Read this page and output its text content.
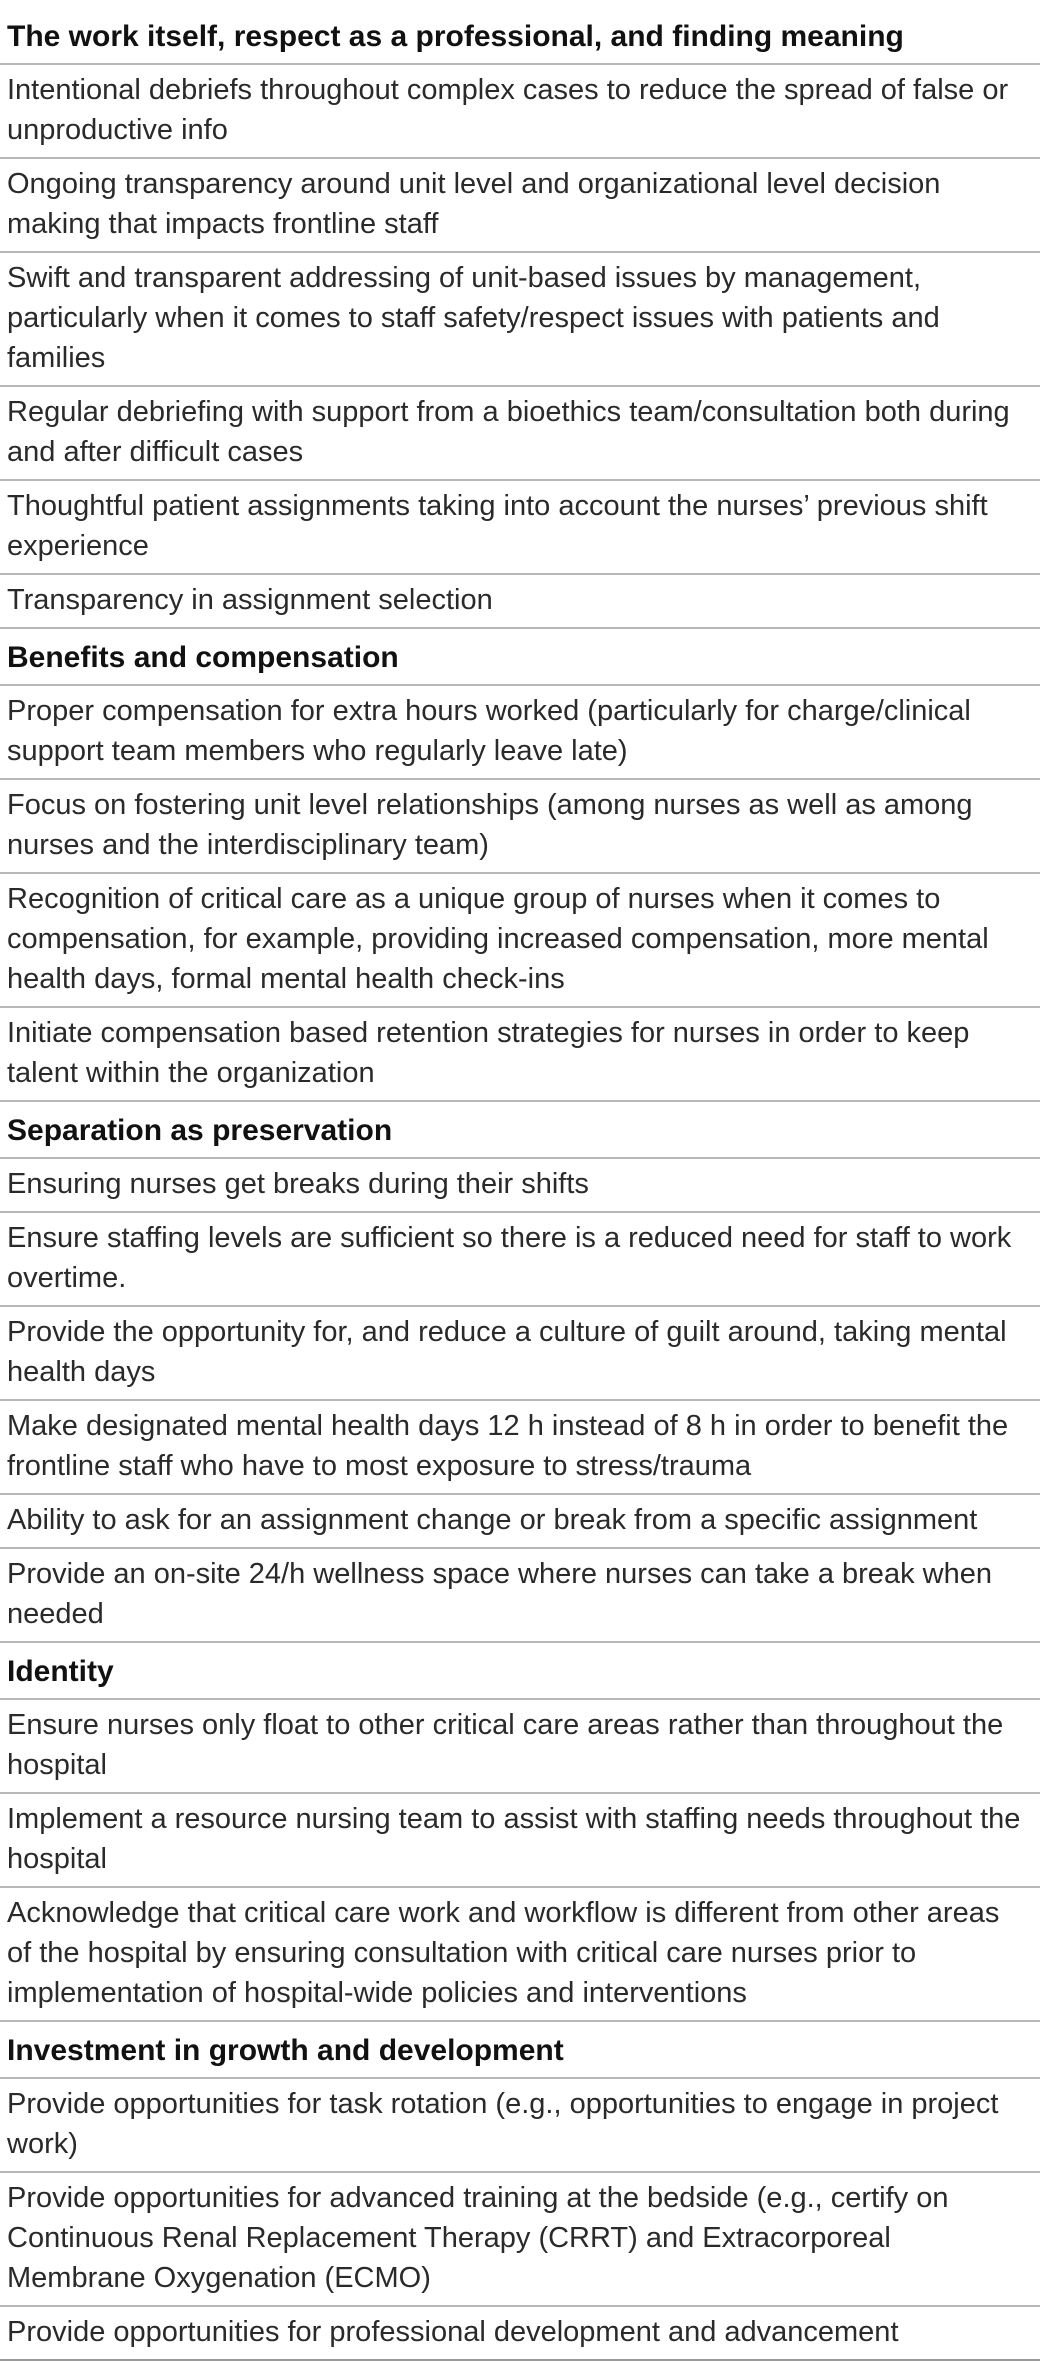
The work itself, respect as a professional, and finding meaning
Intentional debriefs throughout complex cases to reduce the spread of false or unproductive info
Ongoing transparency around unit level and organizational level decision making that impacts frontline staff
Swift and transparent addressing of unit-based issues by management, particularly when it comes to staff safety/respect issues with patients and families
Regular debriefing with support from a bioethics team/consultation both during and after difficult cases
Thoughtful patient assignments taking into account the nurses’ previous shift experience
Transparency in assignment selection
Benefits and compensation
Proper compensation for extra hours worked (particularly for charge/clinical support team members who regularly leave late)
Focus on fostering unit level relationships (among nurses as well as among nurses and the interdisciplinary team)
Recognition of critical care as a unique group of nurses when it comes to compensation, for example, providing increased compensation, more mental health days, formal mental health check-ins
Initiate compensation based retention strategies for nurses in order to keep talent within the organization
Separation as preservation
Ensuring nurses get breaks during their shifts
Ensure staffing levels are sufficient so there is a reduced need for staff to work overtime.
Provide the opportunity for, and reduce a culture of guilt around, taking mental health days
Make designated mental health days 12 h instead of 8 h in order to benefit the frontline staff who have to most exposure to stress/trauma
Ability to ask for an assignment change or break from a specific assignment
Provide an on-site 24/h wellness space where nurses can take a break when needed
Identity
Ensure nurses only float to other critical care areas rather than throughout the hospital
Implement a resource nursing team to assist with staffing needs throughout the hospital
Acknowledge that critical care work and workflow is different from other areas of the hospital by ensuring consultation with critical care nurses prior to implementation of hospital-wide policies and interventions
Investment in growth and development
Provide opportunities for task rotation (e.g., opportunities to engage in project work)
Provide opportunities for advanced training at the bedside (e.g., certify on Continuous Renal Replacement Therapy (CRRT) and Extracorporeal Membrane Oxygenation (ECMO)
Provide opportunities for professional development and advancement
